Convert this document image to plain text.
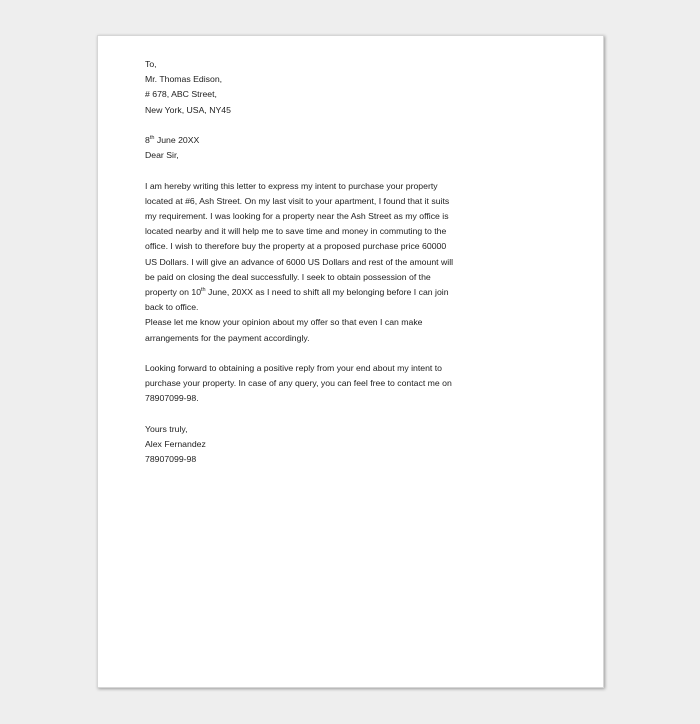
To,
Mr. Thomas Edison,
# 678, ABC Street,
New York, USA, NY45
8th June 20XX
Dear Sir,
I am hereby writing this letter to express my intent to purchase your property
located at #6, Ash Street. On my last visit to your apartment, I found that it suits
my requirement. I was looking for a property near the Ash Street as my office is
located nearby and it will help me to save time and money in commuting to the
office. I wish to therefore buy the property at a proposed purchase price 60000
US Dollars. I will give an advance of 6000 US Dollars and rest of the amount will
be paid on closing the deal successfully. I seek to obtain possession of the
property on 10th June, 20XX as I need to shift all my belonging before I can join
back to office.
Please let me know your opinion about my offer so that even I can make
arrangements for the payment accordingly.
Looking forward to obtaining a positive reply from your end about my intent to
purchase your property. In case of any query, you can feel free to contact me on
78907099-98.
Yours truly,
Alex Fernandez
78907099-98
